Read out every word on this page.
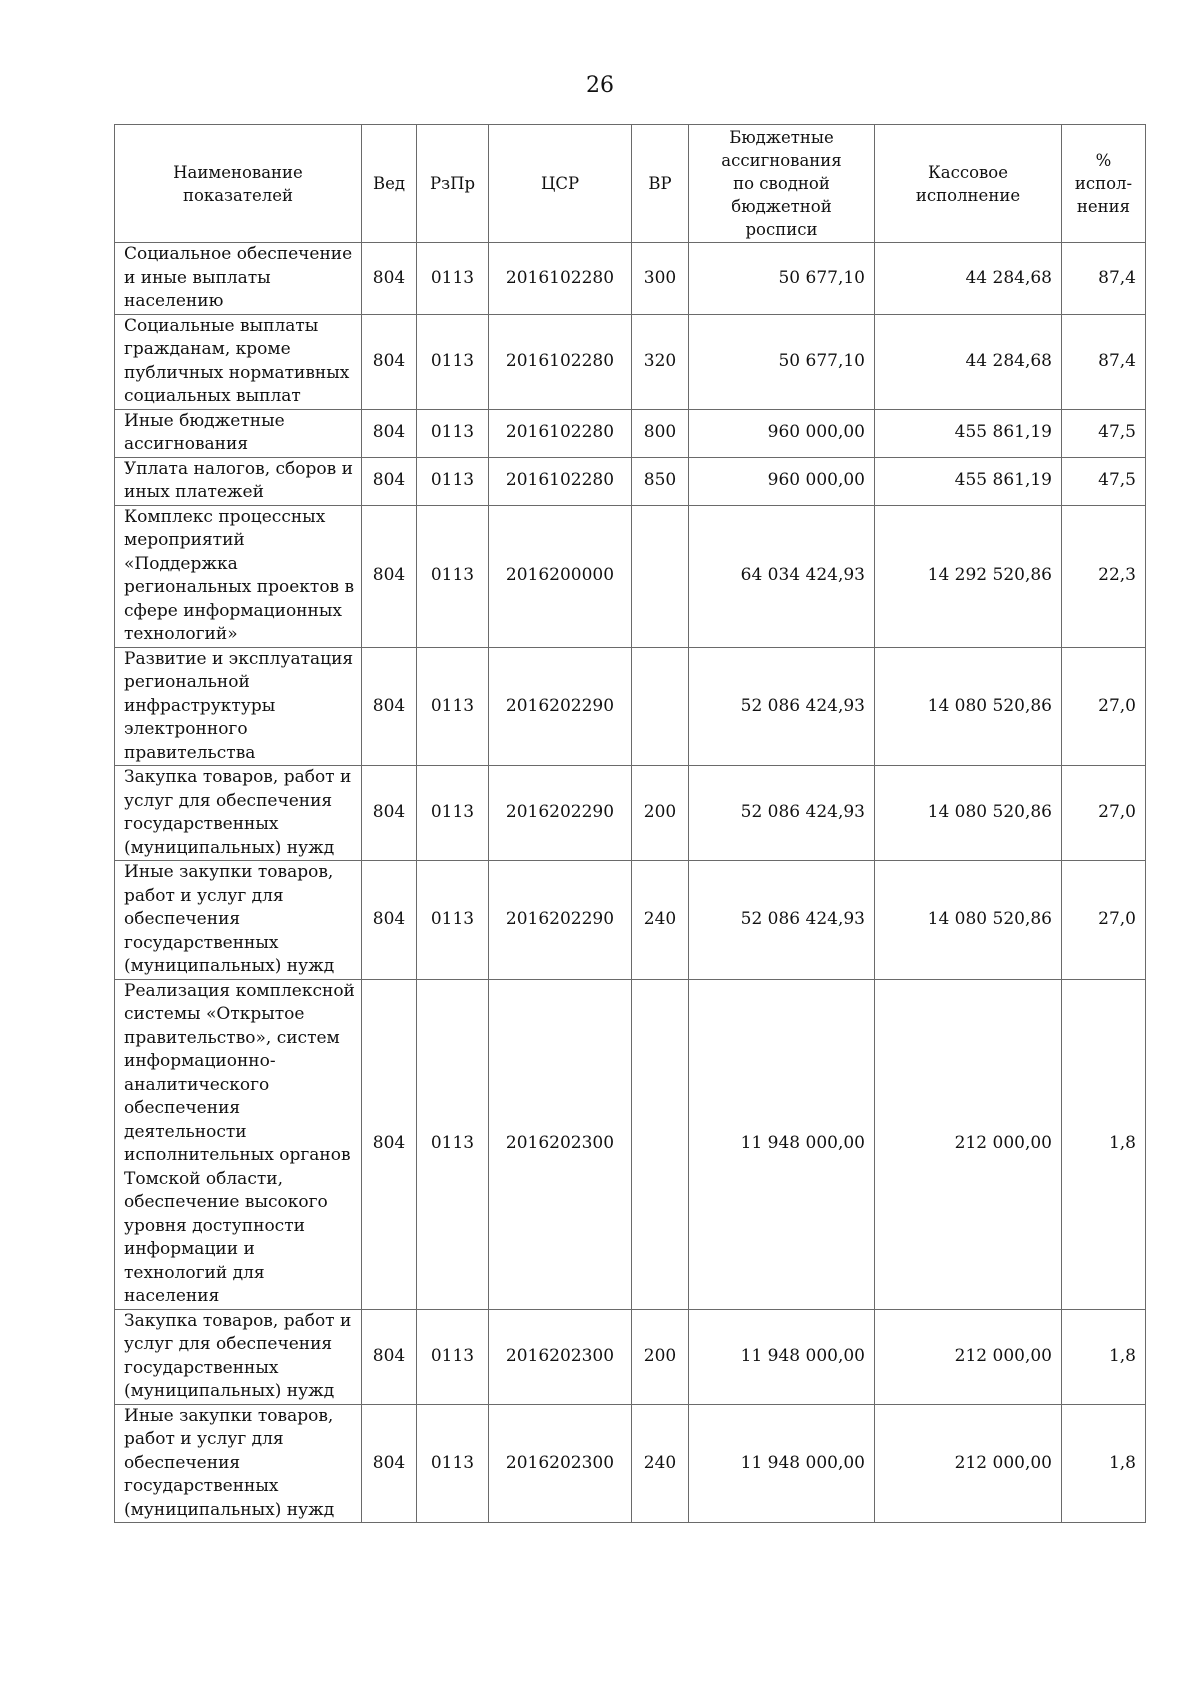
26
Наименование показателей	Вед	РзПр	ЦСР	ВР	Бюджетные ассигнования по сводной бюджетной росписи	Кассовое исполнение	% испол-нения
Социальное обеспечение и иные выплаты населению	804	0113	2016102280	300	50 677,10	44 284,68	87,4
Социальные выплаты гражданам, кроме публичных нормативных социальных выплат	804	0113	2016102280	320	50 677,10	44 284,68	87,4
Иные бюджетные ассигнования	804	0113	2016102280	800	960 000,00	455 861,19	47,5
Уплата налогов, сборов и иных платежей	804	0113	2016102280	850	960 000,00	455 861,19	47,5
Комплекс процессных мероприятий «Поддержка региональных проектов в сфере информационных технологий»	804	0113	2016200000		64 034 424,93	14 292 520,86	22,3
Развитие и эксплуатация региональной инфраструктуры электронного правительства	804	0113	2016202290		52 086 424,93	14 080 520,86	27,0
Закупка товаров, работ и услуг для обеспечения государственных (муниципальных) нужд	804	0113	2016202290	200	52 086 424,93	14 080 520,86	27,0
Иные закупки товаров, работ и услуг для обеспечения государственных (муниципальных) нужд	804	0113	2016202290	240	52 086 424,93	14 080 520,86	27,0
Реализация комплексной системы «Открытое правительство», систем информационно-аналитического обеспечения деятельности исполнительных органов Томской области, обеспечение высокого уровня доступности информации и технологий для населения	804	0113	2016202300		11 948 000,00	212 000,00	1,8
Закупка товаров, работ и услуг для обеспечения государственных (муниципальных) нужд	804	0113	2016202300	200	11 948 000,00	212 000,00	1,8
Иные закупки товаров, работ и услуг для обеспечения государственных (муниципальных) нужд	804	0113	2016202300	240	11 948 000,00	212 000,00	1,8
